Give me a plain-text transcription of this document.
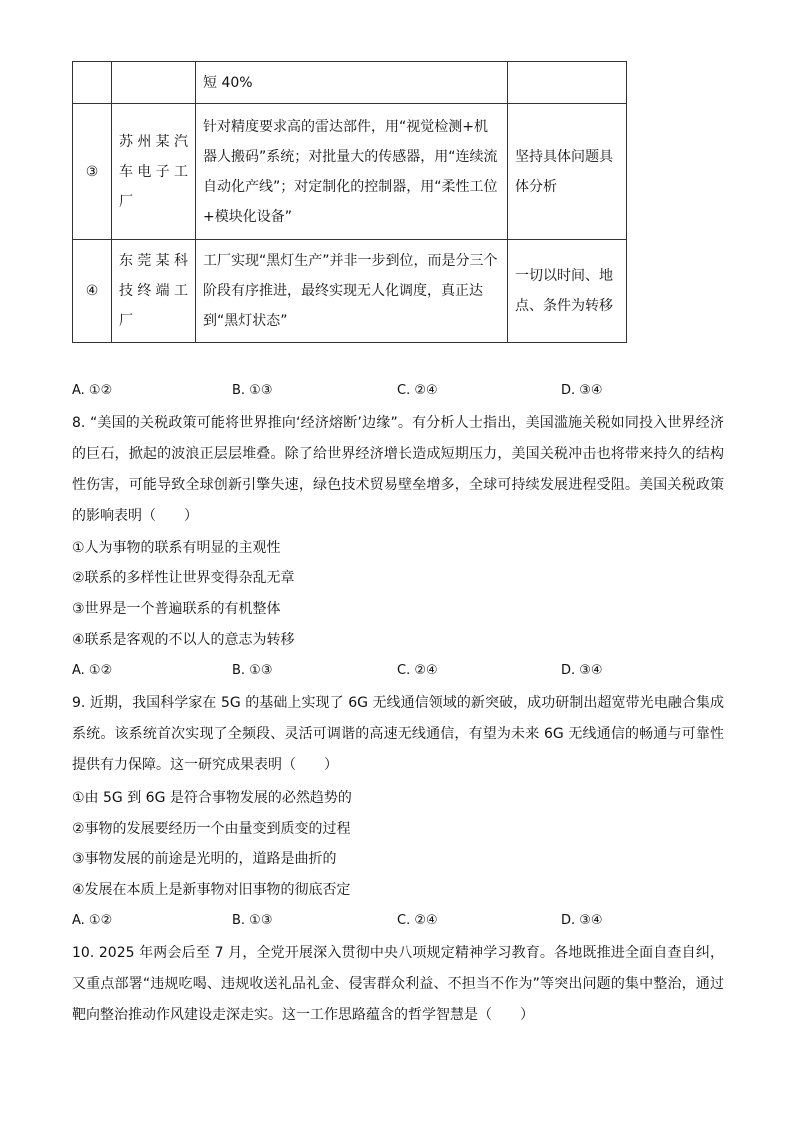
		短 40%	
③	苏州某汽车电子工厂	针对精度要求高的雷达部件，用“视觉检测+机器人搬码”系统；对批量大的传感器，用“连续流自动化产线”；对定制化的控制器，用“柔性工位+模块化设备”	坚持具体问题具体分析
④	东莞某科技终端工厂	工厂实现“黑灯生产”并非一步到位，而是分三个阶段有序推进，最终实现无人化调度，真正达到“黑灯状态”	一切以时间、地点、条件为转移
A. ①②	B. ①③	C. ②④	D. ③④
8. “美国的关税政策可能将世界推向‘经济熔断’边缘”。有分析人士指出，美国滥施关税如同投入世界经济的巨石，掀起的波浪正层层堆叠。除了给世界经济增长造成短期压力，美国关税冲击也将带来持久的结构性伤害，可能导致全球创新引擎失速，绿色技术贸易壁垒增多，全球可持续发展进程受阻。美国关税政策的影响表明（　　）
①人为事物的联系有明显的主观性
②联系的多样性让世界变得杂乱无章
③世界是一个普遍联系的有机整体
④联系是客观的不以人的意志为转移
A. ①②	B. ①③	C. ②④	D. ③④
9. 近期，我国科学家在 5G 的基础上实现了 6G 无线通信领域的新突破，成功研制出超宽带光电融合集成系统。该系统首次实现了全频段、灵活可调谐的高速无线通信，有望为未来 6G 无线通信的畅通与可靠性提供有力保障。这一研究成果表明（　　）
①由 5G 到 6G 是符合事物发展的必然趋势的
②事物的发展要经历一个由量变到质变的过程
③事物发展的前途是光明的，道路是曲折的
④发展在本质上是新事物对旧事物的彻底否定
A. ①②	B. ①③	C. ②④	D. ③④
10. 2025 年两会后至 7 月，全党开展深入贯彻中央八项规定精神学习教育。各地既推进全面自查自纠，又重点部署“违规吃喝、违规收送礼品礼金、侵害群众利益、不担当不作为”等突出问题的集中整治，通过靶向整治推动作风建设走深走实。这一工作思路蕴含的哲学智慧是（　　）
